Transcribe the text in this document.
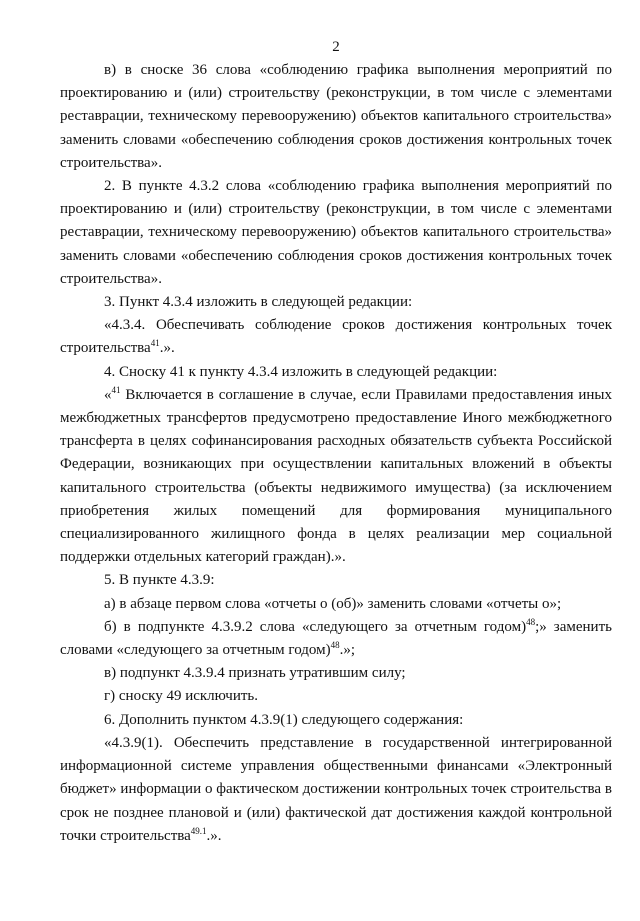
2

в) в сноске 36 слова «соблюдению графика выполнения мероприятий по проектированию и (или) строительству (реконструкции, в том числе с элементами реставрации, техническому перевооружению) объектов капитального строительства» заменить словами «обеспечению соблюдения сроков достижения контрольных точек строительства».

2. В пункте 4.3.2 слова «соблюдению графика выполнения мероприятий по проектированию и (или) строительству (реконструкции, в том числе с элементами реставрации, техническому перевооружению) объектов капитального строительства» заменить словами «обеспечению соблюдения сроков достижения контрольных точек строительства».

3. Пункт 4.3.4 изложить в следующей редакции:

«4.3.4. Обеспечивать соблюдение сроков достижения контрольных точек строительства$^{41}$.».

4. Сноску 41 к пункту 4.3.4 изложить в следующей редакции:

«$^{41}$ Включается в соглашение в случае, если Правилами предоставления иных межбюджетных трансфертов предусмотрено предоставление Иного межбюджетного трансферта в целях софинансирования расходных обязательств субъекта Российской Федерации, возникающих при осуществлении капитальных вложений в объекты капитального строительства (объекты недвижимого имущества) (за исключением приобретения жилых помещений для формирования муниципального специализированного жилищного фонда в целях реализации мер социальной поддержки отдельных категорий граждан).».

5. В пункте 4.3.9:

а) в абзаце первом слова «отчеты о (об)» заменить словами «отчеты о»;

б) в подпункте 4.3.9.2 слова «следующего за отчетным годом)$^{48}$;» заменить словами «следующего за отчетным годом)$^{48}$.»;

в) подпункт 4.3.9.4 признать утратившим силу;

г) сноску 49 исключить.

6. Дополнить пунктом 4.3.9(1) следующего содержания:

«4.3.9(1). Обеспечить представление в государственной интегрированной информационной системе управления общественными финансами «Электронный бюджет» информации о фактическом достижении контрольных точек строительства в срок не позднее плановой и (или) фактической дат достижения каждой контрольной точки строительства$^{49.1}$.».
